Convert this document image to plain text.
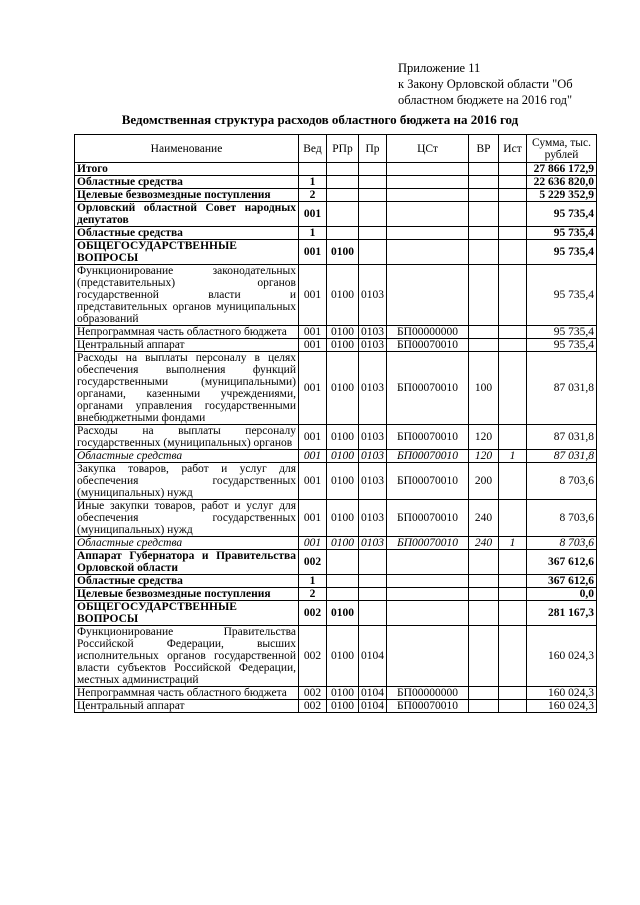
Приложение 11
к Закону Орловской области "Об
областном бюджете на 2016 год"
Ведомственная структура расходов областного бюджета на 2016 год
Наименование	Вед	РПр	Пр	ЦСт	ВР	Ист	Сумма, тыс. рублей
Итого							27 866 172,9
Областные средства	1						22 636 820,0
Целевые безвозмездные поступления	2						5 229 352,9
Орловский областной Совет народных депутатов	001						95 735,4
Областные средства	1						95 735,4
ОБЩЕГОСУДАРСТВЕННЫЕ ВОПРОСЫ	001	0100					95 735,4
Функционирование законодательных (представительных) органов государственной власти и представительных органов муниципальных образований	001	0100	0103				95 735,4
Непрограммная часть областного бюджета	001	0100	0103	БП00000000			95 735,4
Центральный аппарат	001	0100	0103	БП00070010			95 735,4
Расходы на выплаты персоналу в целях обеспечения выполнения функций государственными (муниципальными) органами, казенными учреждениями, органами управления государственными внебюджетными фондами	001	0100	0103	БП00070010	100		87 031,8
Расходы на выплаты персоналу государственных (муниципальных) органов	001	0100	0103	БП00070010	120		87 031,8
Областные средства	001	0100	0103	БП00070010	120	1	87 031,8
Закупка товаров, работ и услуг для обеспечения государственных (муниципальных) нужд	001	0100	0103	БП00070010	200		8 703,6
Иные закупки товаров, работ и услуг для обеспечения государственных (муниципальных) нужд	001	0100	0103	БП00070010	240		8 703,6
Областные средства	001	0100	0103	БП00070010	240	1	8 703,6
Аппарат Губернатора и Правительства Орловской области	002						367 612,6
Областные средства	1						367 612,6
Целевые безвозмездные поступления	2						0,0
ОБЩЕГОСУДАРСТВЕННЫЕ ВОПРОСЫ	002	0100					281 167,3
Функционирование Правительства Российской Федерации, высших исполнительных органов государственной власти субъектов Российской Федерации, местных администраций	002	0100	0104				160 024,3
Непрограммная часть областного бюджета	002	0100	0104	БП00000000			160 024,3
Центральный аппарат	002	0100	0104	БП00070010			160 024,3
